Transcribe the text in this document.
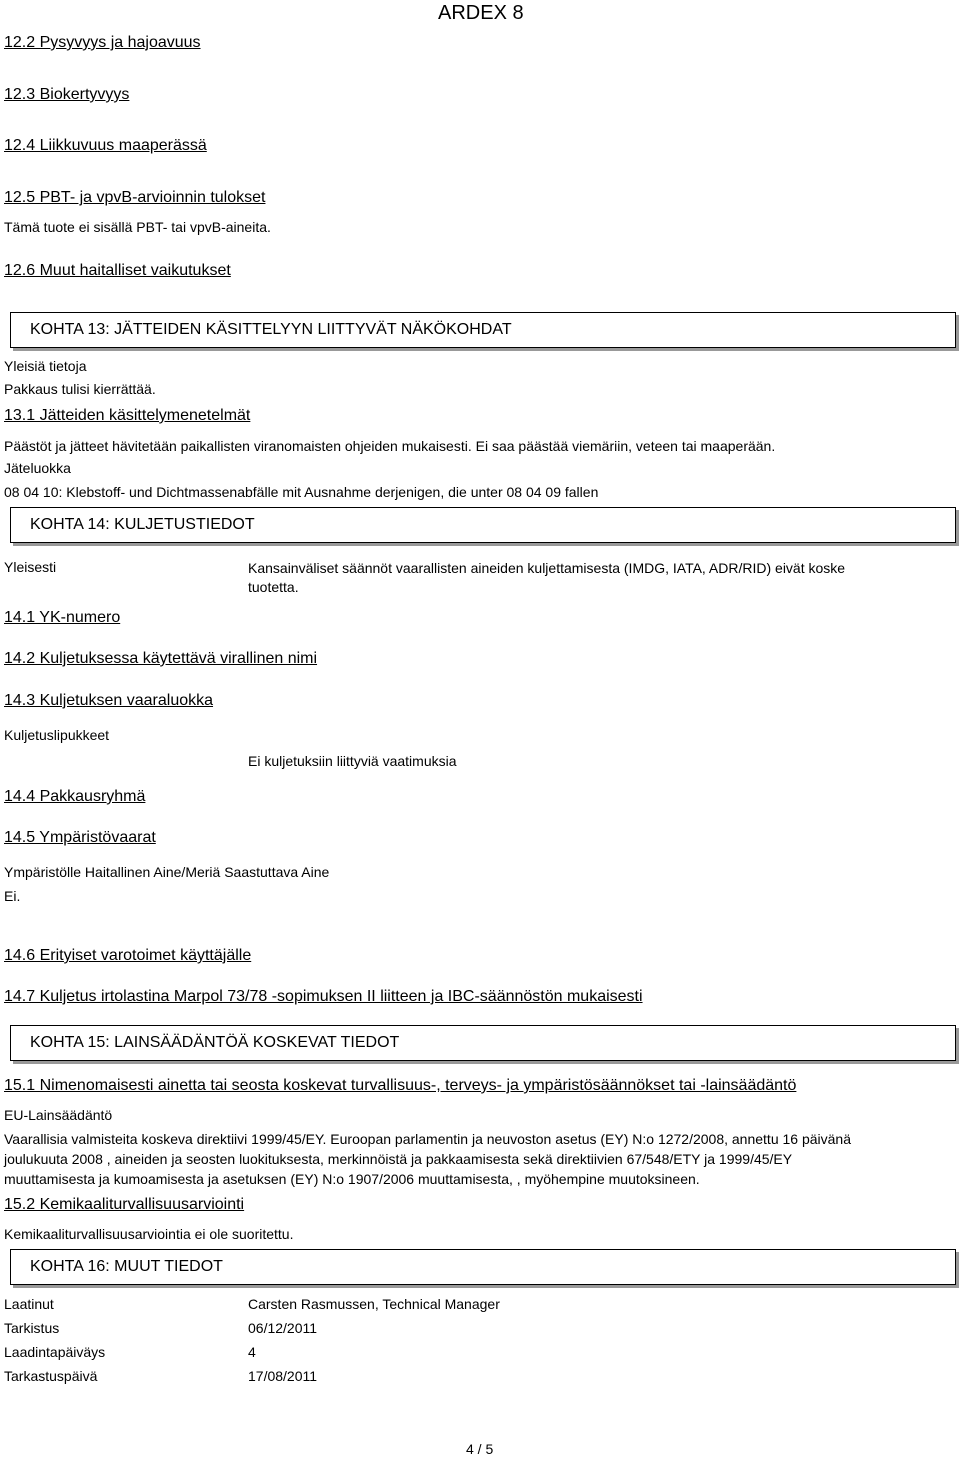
ARDEX 8
12.2 Pysyvyys ja hajoavuus
12.3 Biokertyvyys
12.4 Liikkuvuus maaperässä
12.5 PBT- ja vpvB-arvioinnin tulokset
Tämä tuote ei sisällä PBT- tai vpvB-aineita.
12.6 Muut haitalliset vaikutukset
KOHTA 13: JÄTTEIDEN KÄSITTELYYN LIITTYVÄT NÄKÖKOHDAT
Yleisiä tietoja
Pakkaus tulisi kierrättää.
13.1 Jätteiden käsittelymenetelmät
Päästöt ja jätteet hävitetään paikallisten viranomaisten ohjeiden mukaisesti. Ei saa päästää viemäriin, veteen tai maaperään.
Jäteluokka
08 04 10: Klebstoff- und Dichtmassenabfälle mit Ausnahme derjenigen, die unter 08 04 09 fallen
KOHTA 14: KULJETUSTIEDOT
Yleisesti	Kansainväliset säännöt vaarallisten aineiden kuljettamisesta (IMDG, IATA, ADR/RID) eivät koske tuotetta.
14.1 YK-numero
14.2 Kuljetuksessa käytettävä virallinen nimi
14.3 Kuljetuksen vaaraluokka
Kuljetuslipukkeet
Ei kuljetuksiin liittyviä vaatimuksia
14.4 Pakkausryhmä
14.5 Ympäristövaarat
Ympäristölle Haitallinen Aine/Meriä Saastuttava Aine
Ei.
14.6 Erityiset varotoimet käyttäjälle
14.7 Kuljetus irtolastina Marpol 73/78 -sopimuksen II liitteen ja IBC-säännöstön mukaisesti
KOHTA 15: LAINSÄÄDÄNTÖÄ KOSKEVAT TIEDOT
15.1 Nimenomaisesti ainetta tai seosta koskevat turvallisuus-, terveys- ja ympäristösäännökset tai -lainsäädäntö
EU-Lainsäädäntö
Vaarallisia valmisteita koskeva direktiivi 1999/45/EY. Euroopan parlamentin ja neuvoston asetus (EY) N:o 1272/2008, annettu 16 päivänä
joulukuuta 2008 , aineiden ja seosten luokituksesta, merkinnöistä ja pakkaamisesta sekä direktiivien 67/548/ETY ja 1999/45/EY
muuttamisesta ja kumoamisesta ja asetuksen (EY) N:o 1907/2006 muuttamisesta, , myöhempine muutoksineen.
15.2 Kemikaaliturvallisuusarviointi
Kemikaaliturvallisuusarviointia ei ole suoritettu.
KOHTA 16: MUUT TIEDOT
Laatinut	Carsten Rasmussen, Technical Manager
Tarkistus	06/12/2011
Laadintapäiväys	4
Tarkastuspäivä	17/08/2011
4 / 5
